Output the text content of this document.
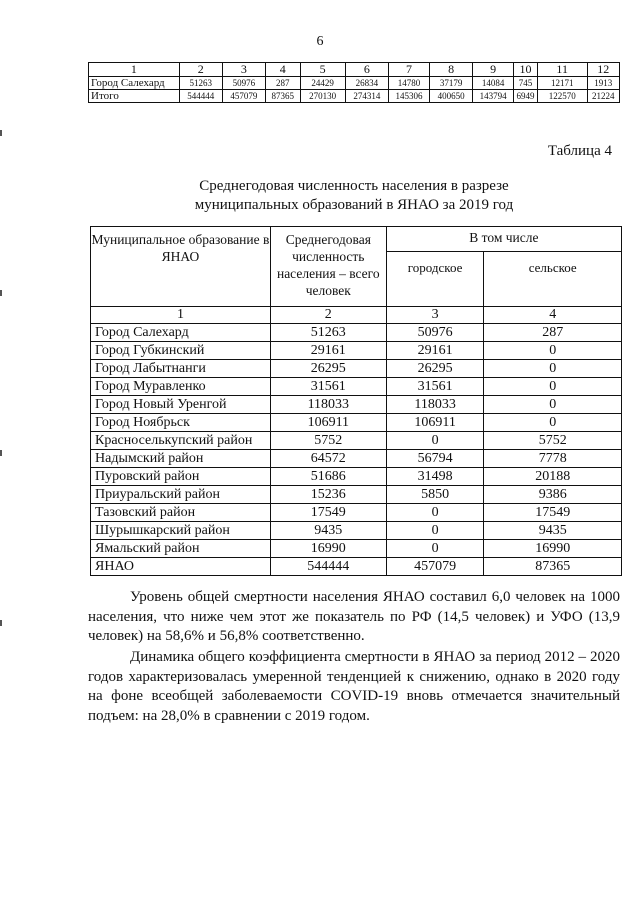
6
1	2	3	4	5	6	7	8	9	10	11	12
Город Салехард	51263	50976	287	24429	26834	14780	37179	14084	745	12171	1913
Итого	544444	457079	87365	270130	274314	145306	400650	143794	6949	122570	21224
Таблица 4
Среднегодовая численность населения в разрезе
муниципальных образований в ЯНАО за 2019 год
Муниципальное образование в ЯНАО	Среднегодовая численность населения – всего человек	В том числе	
		городское	сельское
1	2	3	4
Город Салехард	51263	50976	287
Город Губкинский	29161	29161	0
Город Лабытнанги	26295	26295	0
Город Муравленко	31561	31561	0
Город Новый Уренгой	118033	118033	0
Город Ноябрьск	106911	106911	0
Красноселькупский район	5752	0	5752
Надымский район	64572	56794	7778
Пуровский район	51686	31498	20188
Приуральский район	15236	5850	9386
Тазовский район	17549	0	17549
Шурышкарский район	9435	0	9435
Ямальский район	16990	0	16990
ЯНАО	544444	457079	87365
Уровень общей смертности населения ЯНАО составил 6,0 человек на 1000 населения, что ниже чем этот же показатель по РФ (14,5 человек) и УФО (13,9 человек) на 58,6% и 56,8% соответственно.
Динамика общего коэффициента смертности в ЯНАО за период 2012 – 2020 годов характеризовалась умеренной тенденцией к снижению, однако в 2020 году на фоне всеобщей заболеваемости COVID-19 вновь отмечается значительный подъем: на 28,0% в сравнении с 2019 годом.
